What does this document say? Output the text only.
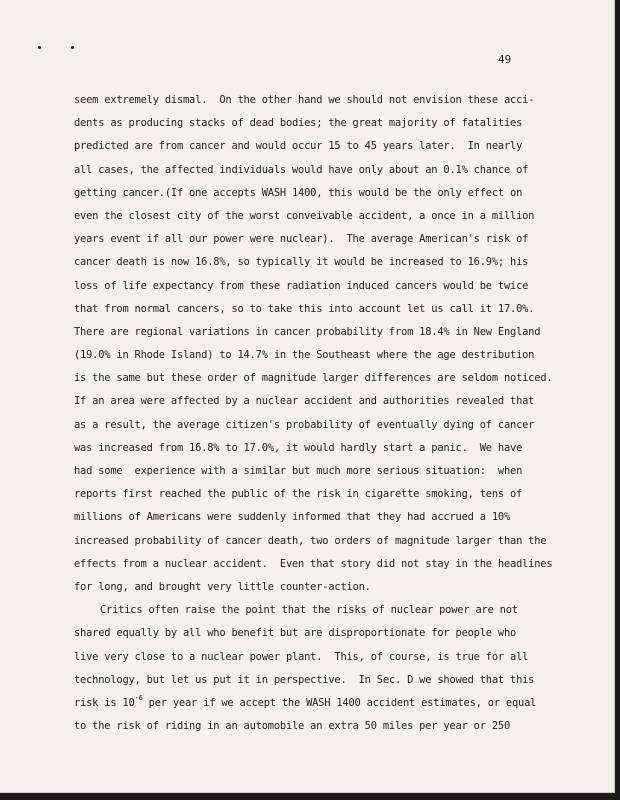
49
seem extremely dismal.  On the other hand we should not envision these acci-
dents as producing stacks of dead bodies; the great majority of fatalities
predicted are from cancer and would occur 15 to 45 years later.  In nearly
all cases, the affected individuals would have only about an 0.1% chance of
getting cancer.(If one accepts WASH 1400, this would be the only effect on
even the closest city of the worst conveivable accident, a once in a million
years event if all our power were nuclear).  The average American's risk of
cancer death is now 16.8%, so typically it would be increased to 16.9%; his
loss of life expectancy from these radiation induced cancers would be twice
that from normal cancers, so to take this into account let us call it 17.0%.
There are regional variations in cancer probability from 18.4% in New England
(19.0% in Rhode Island) to 14.7% in the Southeast where the age destribution
is the same but these order of magnitude larger differences are seldom noticed.
If an area were affected by a nuclear accident and authorities revealed that
as a result, the average citizen's probability of eventually dying of cancer
was increased from 16.8% to 17.0%, it would hardly start a panic.  We have
had some  experience with a similar but much more serious situation:  when
reports first reached the public of the risk in cigarette smoking, tens of
millions of Americans were suddenly informed that they had accrued a 10%
increased probability of cancer death, two orders of magnitude larger than the
effects from a nuclear accident.  Even that story did not stay in the headlines
for long, and brought very little counter-action.
Critics often raise the point that the risks of nuclear power are not
shared equally by all who benefit but are disproportionate for people who
live very close to a nuclear power plant.  This, of course, is true for all
technology, but let us put it in perspective.  In Sec. D we showed that this
risk is $10^{-6}$ per year if we accept the WASH 1400 accident estimates, or equal
to the risk of riding in an automobile an extra 50 miles per year or 250
